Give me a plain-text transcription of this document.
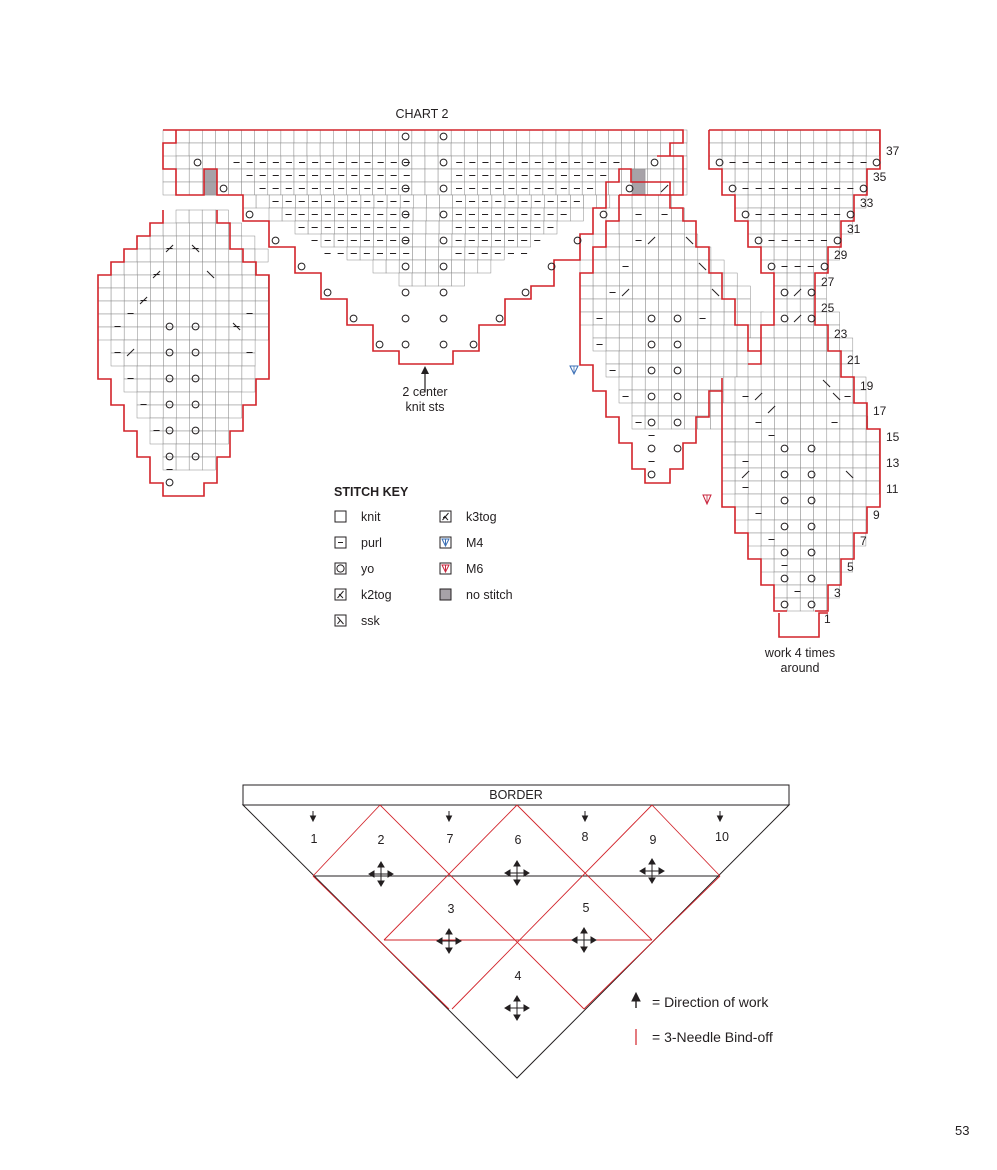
CHART 2
2 center
knit sts
work 4 times
around
37
35
33
31
29
27
25
23
21
19
17
15
13
11
9
7
5
3
1
STITCH KEY
knit
purl
yo
k2tog
ssk
k3tog
M4
M6
no stitch
BORDER
1	2	7	6	8	9	10
3	5
4
= Direction of work
= 3-Needle Bind-off
53
